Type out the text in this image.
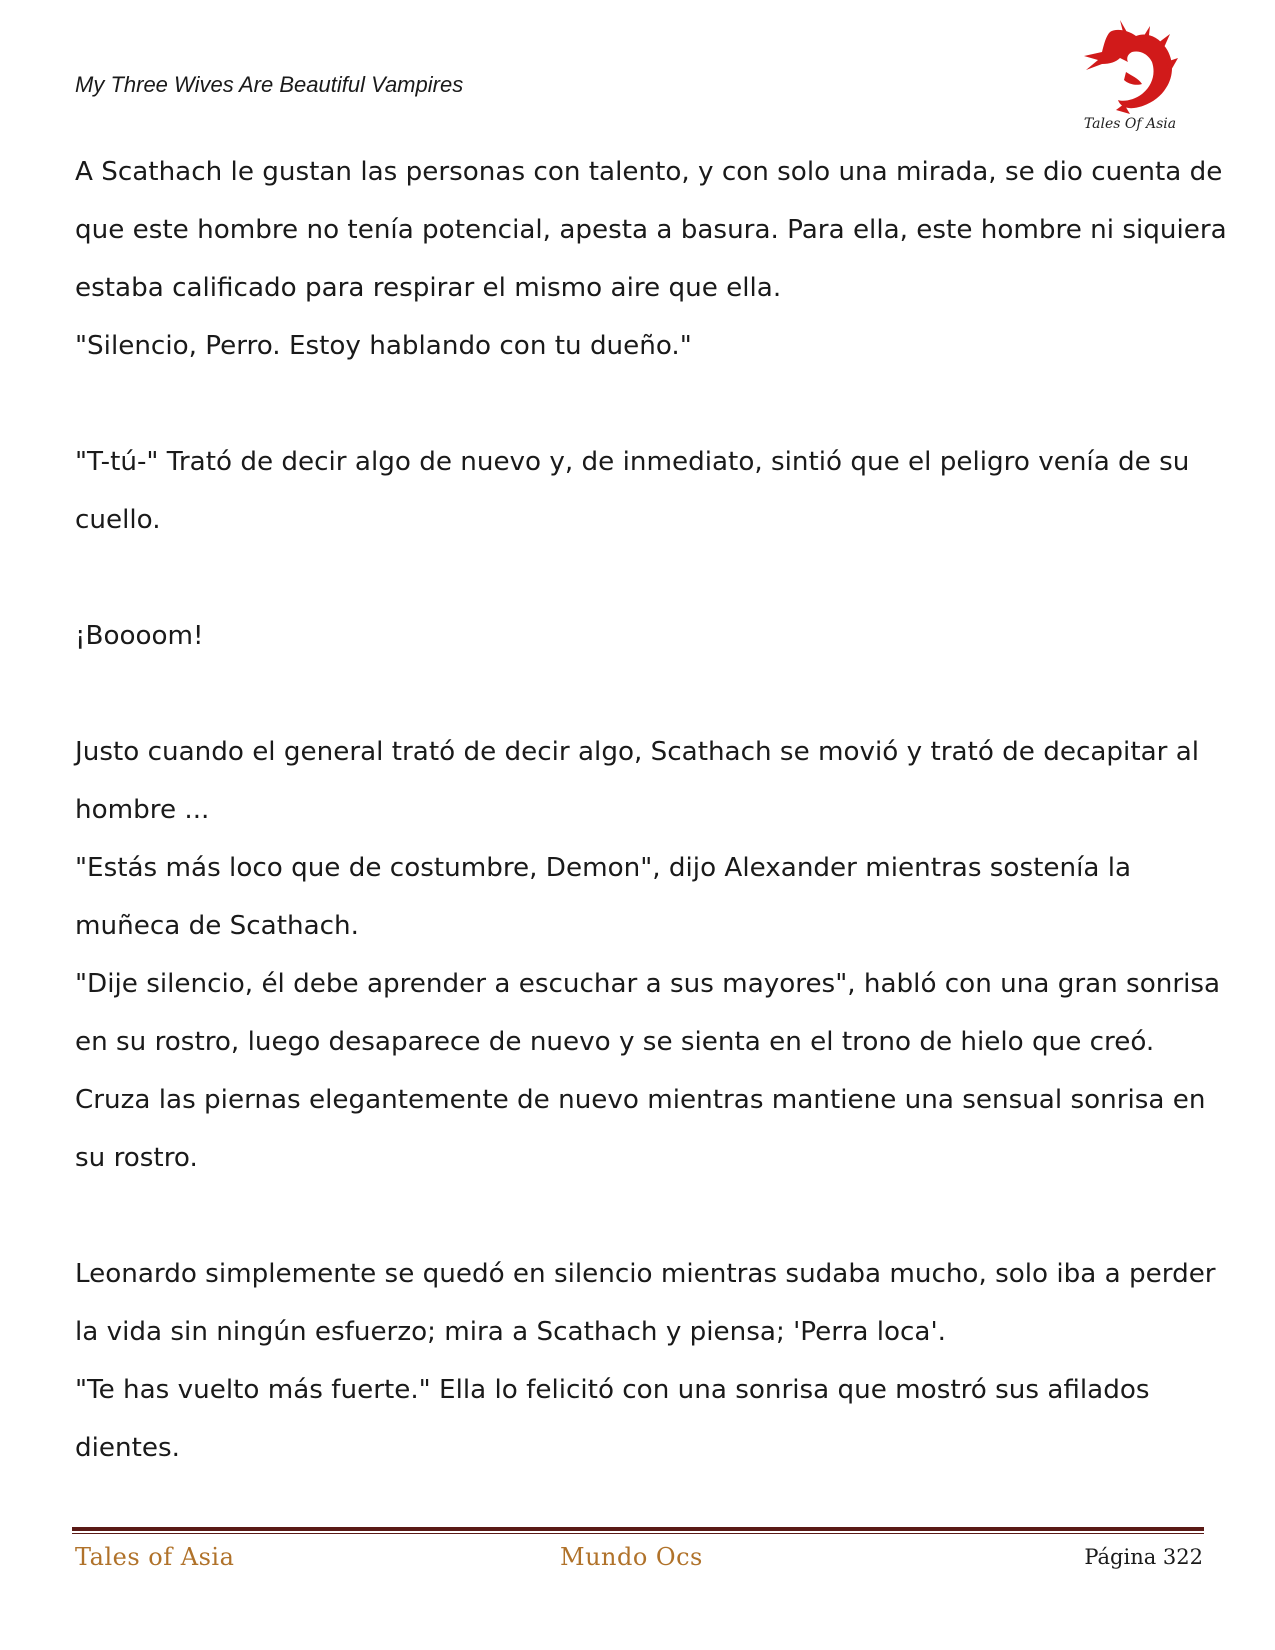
My Three Wives Are Beautiful Vampires
Tales Of Asia

A Scathach le gustan las personas con talento, y con solo una mirada, se dio cuenta de

que este hombre no tenía potencial, apesta a basura. Para ella, este hombre ni siquiera

estaba calificado para respirar el mismo aire que ella.

"Silencio, Perro. Estoy hablando con tu dueño."

"T-tú-" Trató de decir algo de nuevo y, de inmediato, sintió que el peligro venía de su

cuello.

¡Boooom!

Justo cuando el general trató de decir algo, Scathach se movió y trató de decapitar al

hombre ...

"Estás más loco que de costumbre, Demon", dijo Alexander mientras sostenía la

muñeca de Scathach.

"Dije silencio, él debe aprender a escuchar a sus mayores", habló con una gran sonrisa

en su rostro, luego desaparece de nuevo y se sienta en el trono de hielo que creó.

Cruza las piernas elegantemente de nuevo mientras mantiene una sensual sonrisa en

su rostro.

Leonardo simplemente se quedó en silencio mientras sudaba mucho, solo iba a perder

la vida sin ningún esfuerzo; mira a Scathach y piensa; 'Perra loca'.

"Te has vuelto más fuerte." Ella lo felicitó con una sonrisa que mostró sus afilados

dientes.

Tales of Asia	Mundo Ocs	Página 322
